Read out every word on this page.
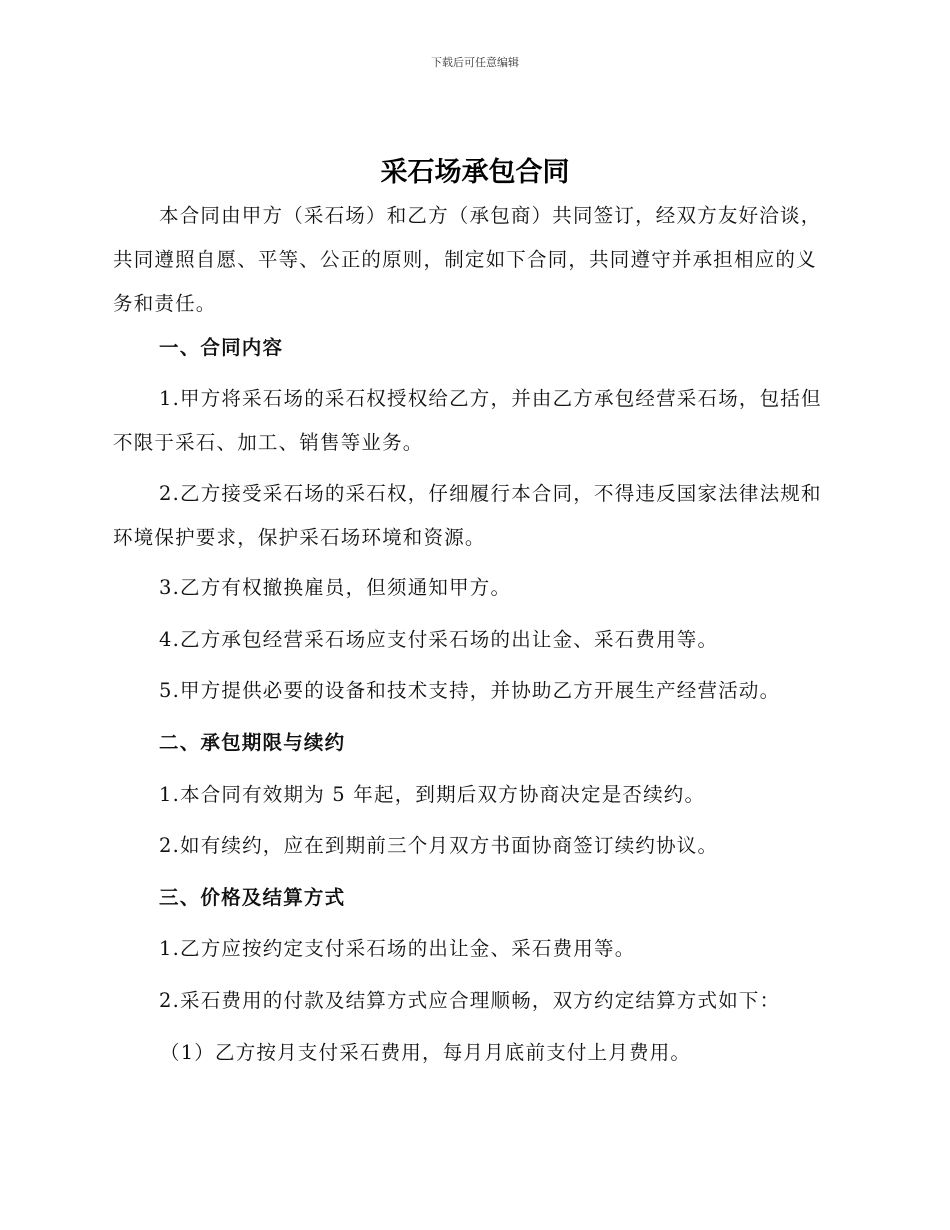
下载后可任意编辑
采石场承包合同

本合同由甲方（采石场）和乙方（承包商）共同签订，经双方友好洽谈，共同遵照自愿、平等、公正的原则，制定如下合同，共同遵守并承担相应的义务和责任。

一、合同内容

1.甲方将采石场的采石权授权给乙方，并由乙方承包经营采石场，包括但不限于采石、加工、销售等业务。

2.乙方接受采石场的采石权，仔细履行本合同，不得违反国家法律法规和环境保护要求，保护采石场环境和资源。

3.乙方有权撤换雇员，但须通知甲方。

4.乙方承包经营采石场应支付采石场的出让金、采石费用等。

5.甲方提供必要的设备和技术支持，并协助乙方开展生产经营活动。

二、承包期限与续约

1.本合同有效期为 5 年起，到期后双方协商决定是否续约。

2.如有续约，应在到期前三个月双方书面协商签订续约协议。

三、价格及结算方式

1.乙方应按约定支付采石场的出让金、采石费用等。

2.采石费用的付款及结算方式应合理顺畅，双方约定结算方式如下：

（1）乙方按月支付采石费用，每月月底前支付上月费用。
